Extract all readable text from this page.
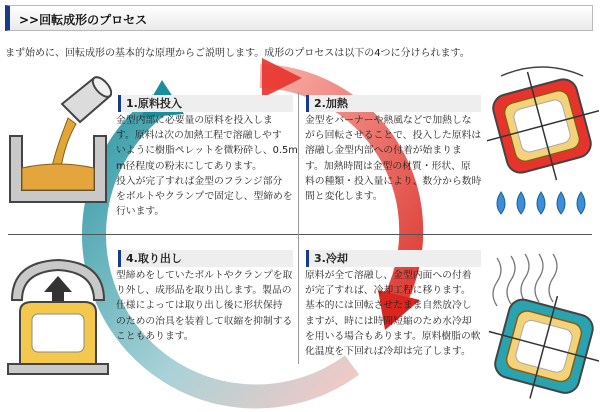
>>回転成形のプロセス
まず始めに、回転成形の基本的な原理からご説明します。成形のプロセスは以下の4つに分けられます。
1.原料投入
金型内部に必要量の原料を投入しま
す。原料は次の加熱工程で溶融しやす
いように樹脂ペレットを微粉砕し、0.5m
m径程度の粉末にしてあります。
投入が完了すれば金型のフランジ部分
をボルトやクランプで固定し、型締めを
行います。
2.加熱
金型をバーナーや熱風などで加熱しな
がら回転させることで、投入した原料は
溶融し金型内部への付着が始まりま
す。加熱時間は金型の材質・形状、原
料の種類・投入量により、数分から数時
間と変化します。
4.取り出し
型締めをしていたボルトやクランプを取
り外し、成形品を取り出します。製品の
仕様によっては取り出し後に形状保持
のための治具を装着して収縮を抑制する
こともあります。
3.冷却
原料が全て溶融し、金型内面への付着
が完了すれば、冷却工程に移ります。
基本的には回転させたまま自然放冷し
ますが、時には時間短縮のため水冷却
を用いる場合もあります。原料樹脂の軟
化温度を下回れば冷却は完了します。
